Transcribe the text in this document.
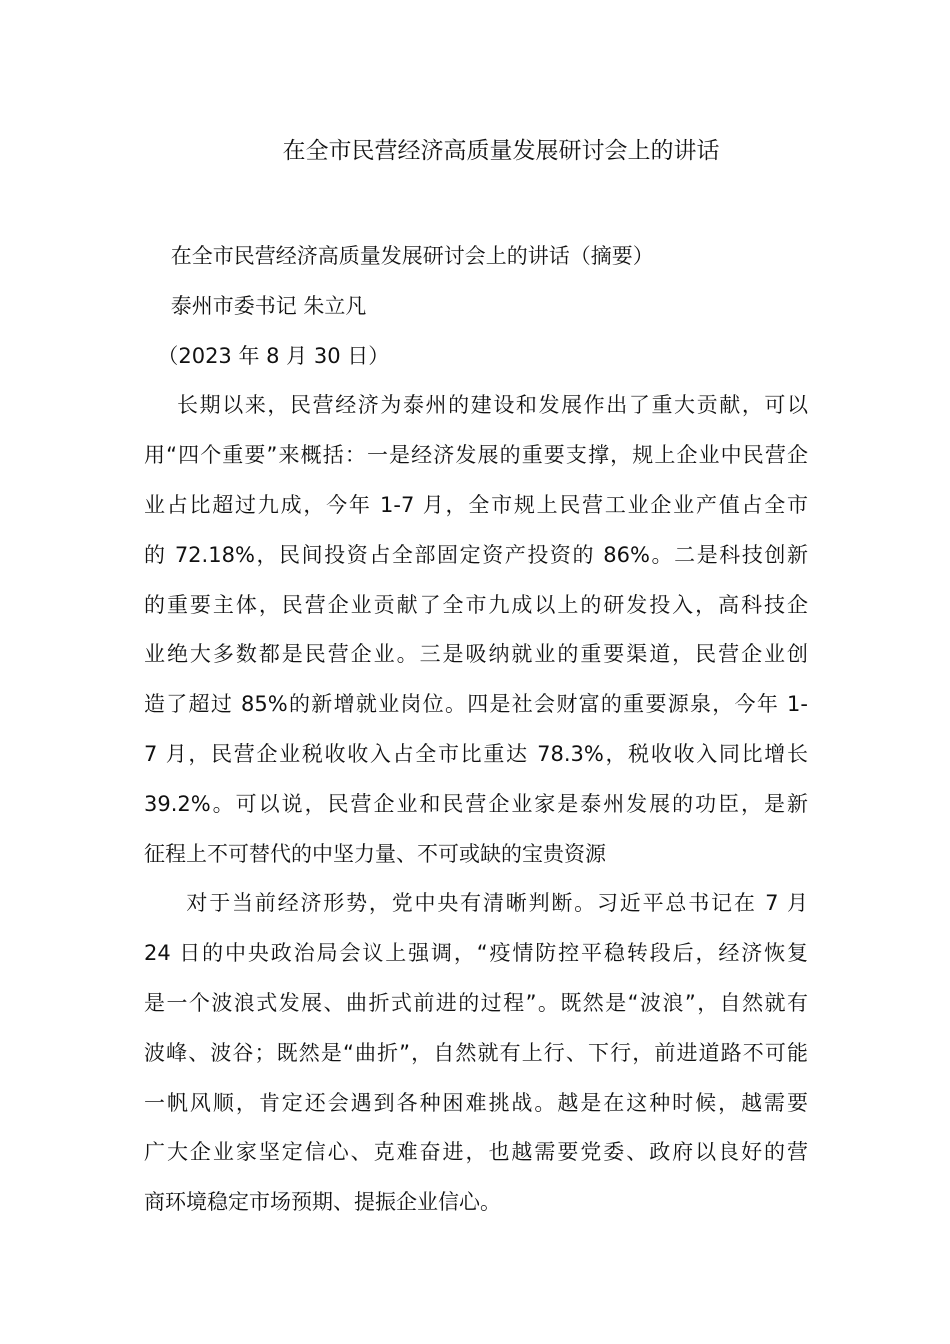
在全市民营经济高质量发展研讨会上的讲话
在全市民营经济高质量发展研讨会上的讲话（摘要）
泰州市委书记 朱立凡
（2023 年 8 月 30 日）
长期以来，民营经济为泰州的建设和发展作出了重大贡献，可以
用“四个重要”来概括：一是经济发展的重要支撑，规上企业中民营企
业占比超过九成，今年 1-7 月，全市规上民营工业企业产值占全市
的 72.18%，民间投资占全部固定资产投资的 86%。二是科技创新
的重要主体，民营企业贡献了全市九成以上的研发投入，高科技企
业绝大多数都是民营企业。三是吸纳就业的重要渠道，民营企业创
造了超过 85%的新增就业岗位。四是社会财富的重要源泉，今年 1-
7 月，民营企业税收收入占全市比重达 78.3%，税收收入同比增长
39.2%。可以说，民营企业和民营企业家是泰州发展的功臣，是新
征程上不可替代的中坚力量、不可或缺的宝贵资源
对于当前经济形势，党中央有清晰判断。习近平总书记在 7 月
24 日的中央政治局会议上强调，“疫情防控平稳转段后，经济恢复
是一个波浪式发展、曲折式前进的过程”。既然是“波浪”，自然就有
波峰、波谷；既然是“曲折”，自然就有上行、下行，前进道路不可能
一帆风顺，肯定还会遇到各种困难挑战。越是在这种时候，越需要
广大企业家坚定信心、克难奋进，也越需要党委、政府以良好的营
商环境稳定市场预期、提振企业信心。
